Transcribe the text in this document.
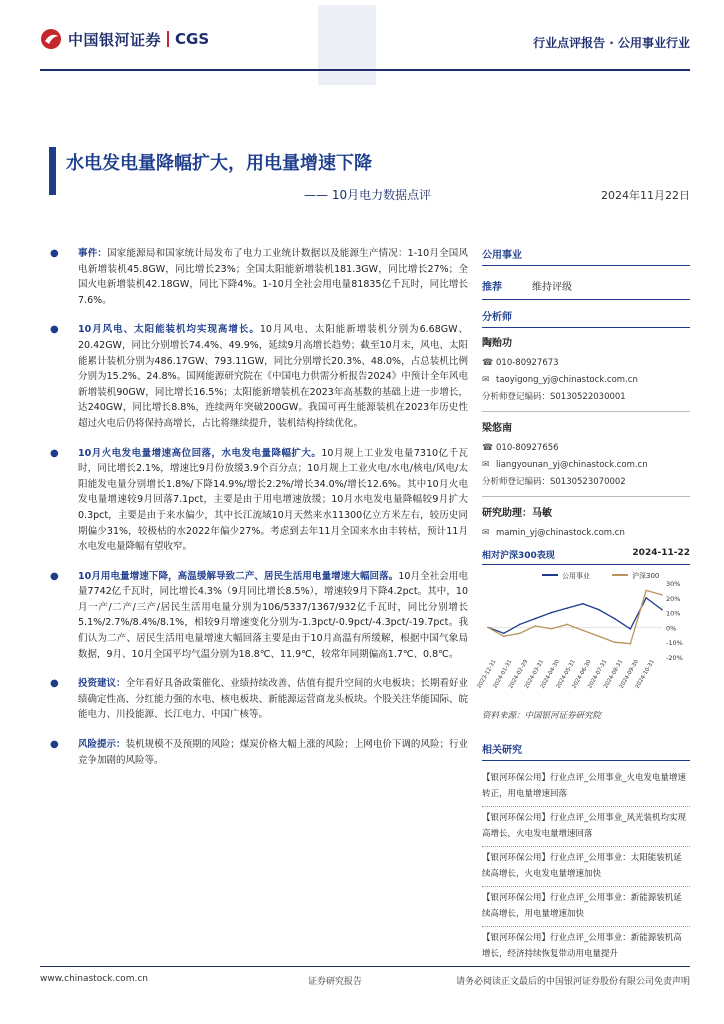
中国银河证券 CGS	行业点评报告 · 公用事业行业
水电发电量降幅扩大，用电量增速下降
—— 10月电力数据点评	2024年11月22日
● 事件：国家能源局和国家统计局发布了电力工业统计数据以及能源生产情况：1-10月全国风电新增装机45.8GW，同比增长23%；全国太阳能新增装机181.3GW，同比增长27%；全国火电新增装机42.18GW，同比下降4%。1-10月全社会用电量81835亿千瓦时，同比增长7.6%。
● 10月风电、太阳能装机均实现高增长。10月风电、太阳能新增装机分别为6.68GW、20.42GW，同比分别增长74.4%、49.9%，延续9月高增长趋势；截至10月末，风电、太阳能累计装机分别为486.17GW、793.11GW，同比分别增长20.3%、48.0%，占总装机比例分别为15.2%、24.8%。国网能源研究院在《中国电力供需分析报告2024》中预计全年风电新增装机90GW，同比增长16.5%；太阳能新增装机在2023年高基数的基础上进一步增长，达240GW，同比增长8.8%，连续两年突破200GW。我国可再生能源装机在2023年历史性超过火电后仍将保持高增长，占比将继续提升，装机结构持续优化。
● 10月火电发电量增速高位回落，水电发电量降幅扩大。10月规上工业发电量7310亿千瓦时，同比增长2.1%，增速比9月份放缓3.9个百分点；10月规上工业火电/水电/核电/风电/太阳能发电量分别增长1.8%/下降14.9%/增长2.2%/增长34.0%/增长12.6%。其中10月火电发电量增速较9月回落7.1pct，主要是由于用电增速放缓；10月水电发电量降幅较9月扩大0.3pct，主要是由于来水偏少，其中长江流域10月天然来水11300亿立方米左右，较历史同期偏少31%，较极枯的水2022年偏少27%。考虑到去年11月全国来水由丰转枯，预计11月水电发电量降幅有望收窄。
● 10月用电量增速下降，高温缓解导致二产、居民生活用电量增速大幅回落。10月全社会用电量7742亿千瓦时，同比增长4.3%（9月同比增长8.5%），增速较9月下降4.2pct。其中，10月一产/二产/三产/居民生活用电量分别为106/5337/1367/932亿千瓦时，同比分别增长5.1%/2.7%/8.4%/8.1%，相较9月增速变化分别为-1.3pct/-0.9pct/-4.3pct/-19.7pct。我们认为二产、居民生活用电量增速大幅回落主要是由于10月高温有所缓解，根据中国气象局数据，9月、10月全国平均气温分别为18.8℃、11.9℃，较常年同期偏高1.7℃、0.8℃。
● 投资建议：全年看好具备政策催化、业绩持续改善、估值有提升空间的火电板块；长期看好业绩确定性高、分红能力强的水电、核电板块、新能源运营商龙头板块。个股关注华能国际、皖能电力、川投能源、长江电力、中国广核等。
● 风险提示：装机规模不及预期的风险；煤炭价格大幅上涨的风险；上网电价下调的风险；行业竞争加剧的风险等。
公用事业
推荐	维持评级
分析师
陶贻功
☎ 010-80927673
✉ taoyigong_yj@chinastock.com.cn
分析师登记编码：S0130522030001
梁悠南
☎ 010-80927656
✉ liangyounan_yj@chinastock.com.cn
分析师登记编码：S0130523070002
研究助理：马敏
✉ mamin_yj@chinastock.com.cn
相对沪深300表现	2024-11-22
公用事业	沪深300
30%
20%
10%
0%
-10%
-20%
2023-12-31
2024-01-31
2024-02-29
2024-03-31
2024-04-30
2024-05-31
2024-06-30
2024-07-31
2024-08-31
2024-09-30
2024-10-31
资料来源：中国银河证券研究院
相关研究
【银河环保公用】行业点评_公用事业_火电发电量增速转正，用电量增速回落
【银河环保公用】行业点评_公用事业_风光装机均实现高增长，火电发电量增速回落
【银河环保公用】行业点评_公用事业：太阳能装机延续高增长，火电发电量增速加快
【银河环保公用】行业点评_公用事业：新能源装机延续高增长，用电量增速加快
【银河环保公用】行业点评_公用事业：新能源装机高增长，经济持续恢复带动用电量提升
www.chinastock.com.cn	证券研究报告	请务必阅读正文最后的中国银河证券股份有限公司免责声明
